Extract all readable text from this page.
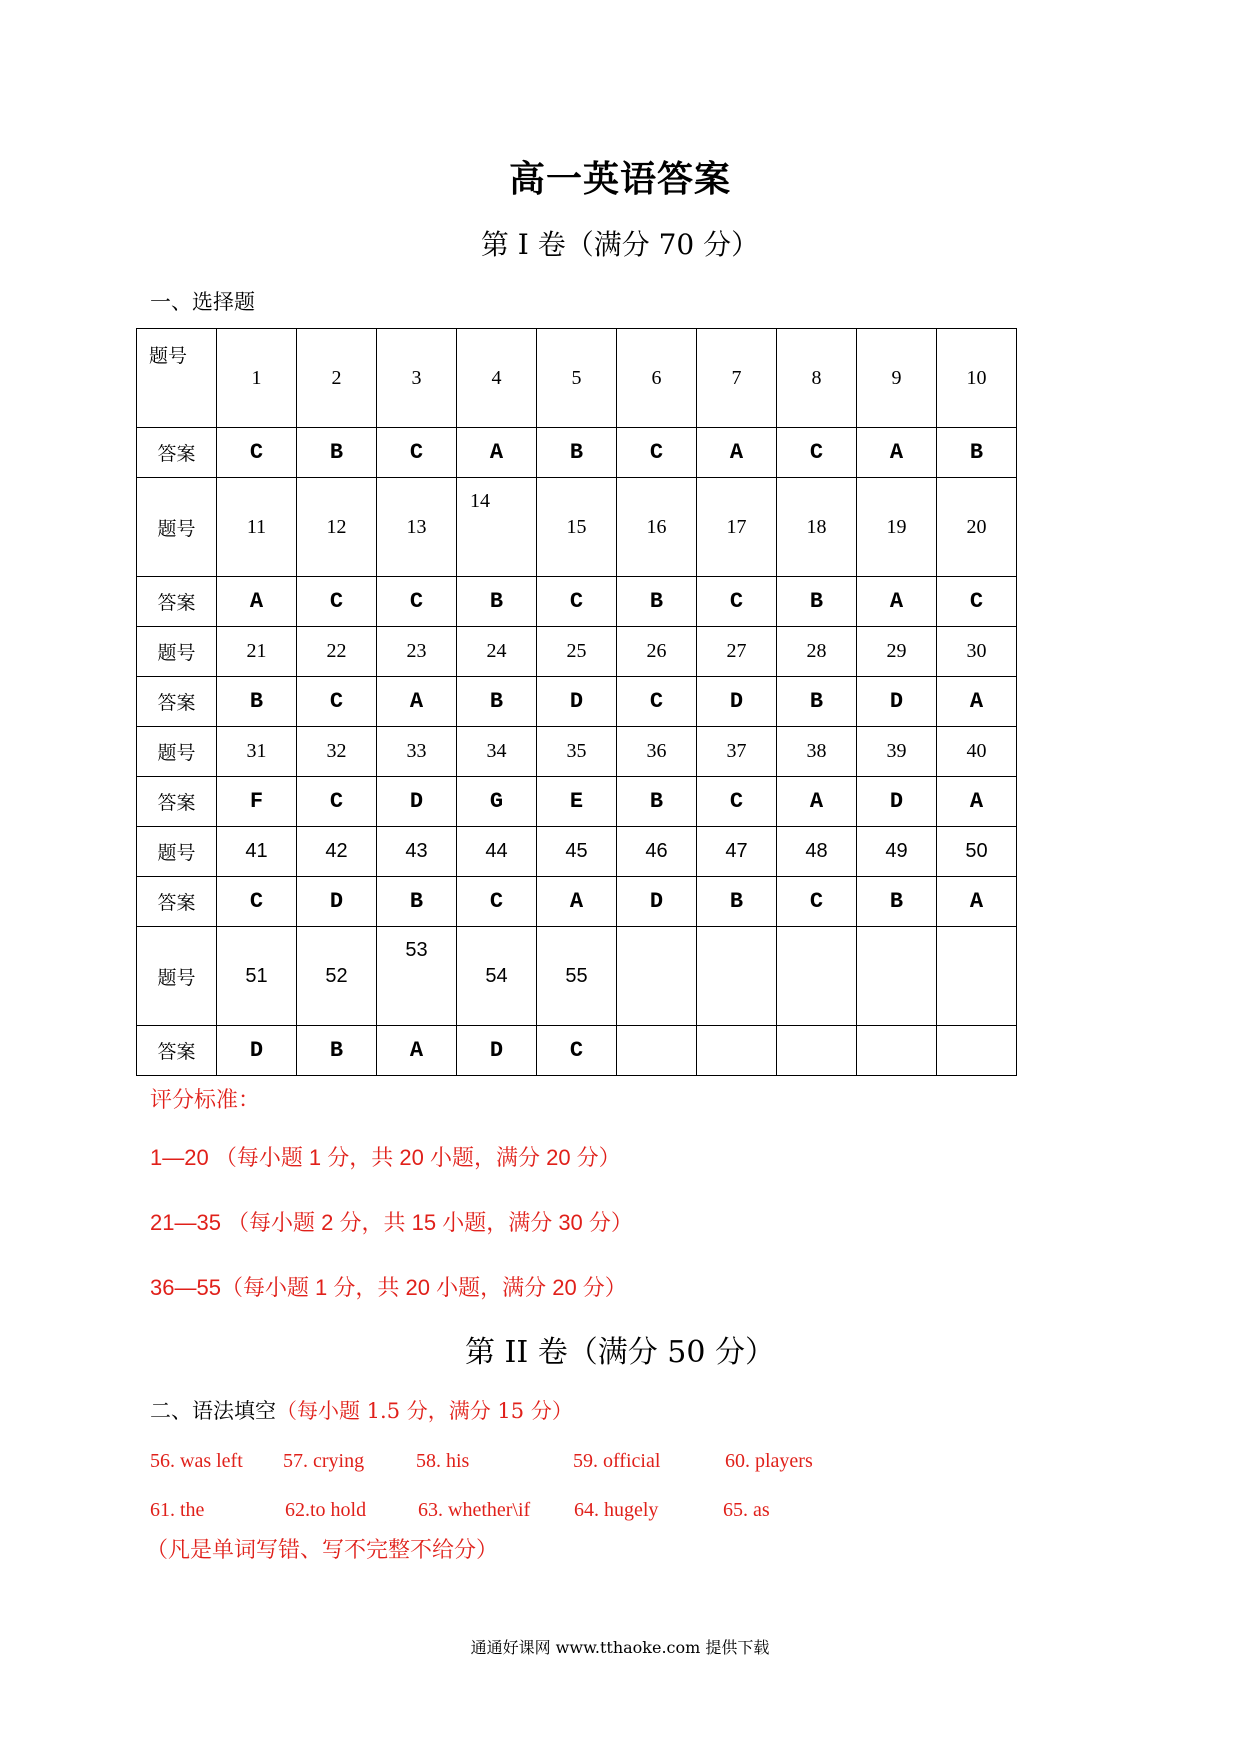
高一英语答案
第 I 卷（满分 70 分）
一、选择题
题号	1	2	3	4	5	6	7	8	9	10
答案	C	B	C	A	B	C	A	C	A	B
题号	11	12	13	14	15	16	17	18	19	20
答案	A	C	C	B	C	B	C	B	A	C
题号	21	22	23	24	25	26	27	28	29	30
答案	B	C	A	B	D	C	D	B	D	A
题号	31	32	33	34	35	36	37	38	39	40
答案	F	C	D	G	E	B	C	A	D	A
题号	41	42	43	44	45	46	47	48	49	50
答案	C	D	B	C	A	D	B	C	B	A
题号	51	52	53	54	55					
答案	D	B	A	D	C					
评分标准：
1—20 （每小题 1 分，共 20 小题，满分 20 分）
21—35 （每小题 2 分，共 15 小题，满分 30 分）
36—55（每小题 1 分，共 20 小题，满分 20 分）
第 II 卷（满分 50 分）
二、语法填空（每小题 1.5 分，满分 15 分）
56. was left 57. crying	58. his	59. official	60. players
61. the	62.to hold	63. whether\if 64. hugely	65. as
（凡是单词写错、写不完整不给分）
通通好课网 www.tthaoke.com 提供下载
